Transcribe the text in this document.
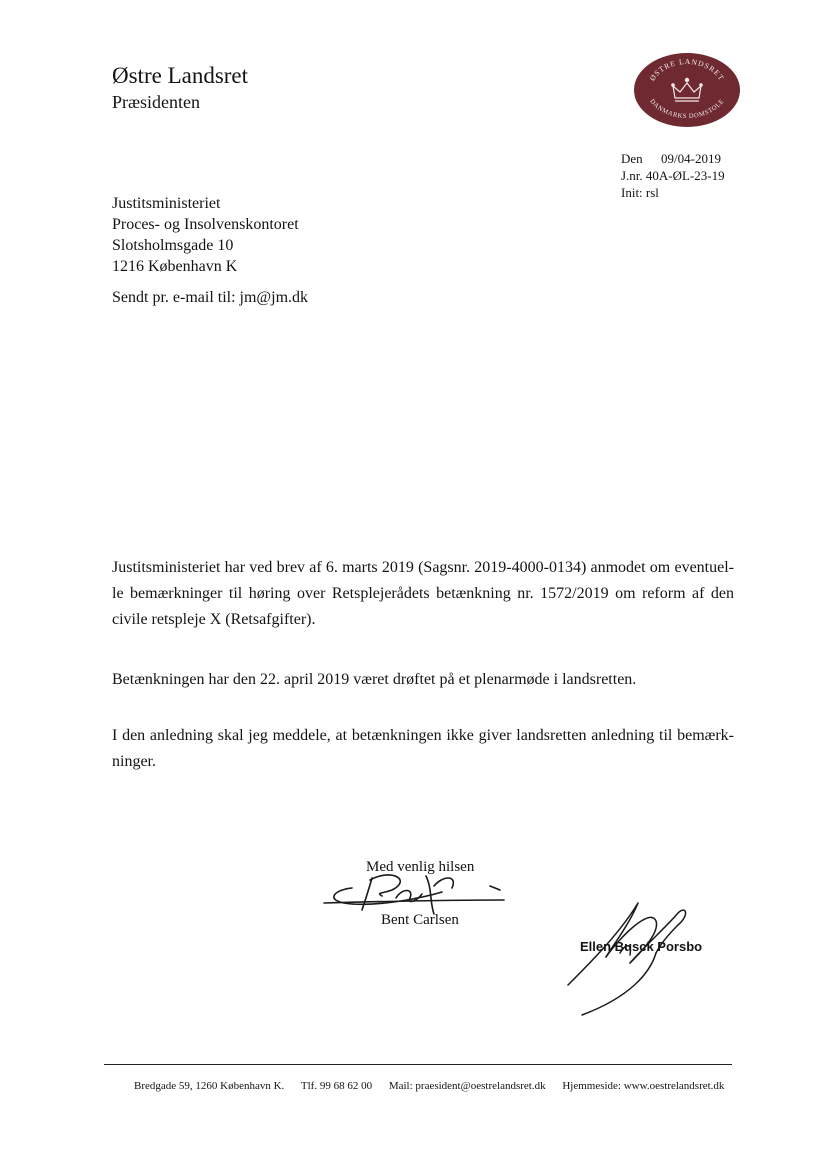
Østre Landsret
Præsidenten
ØSTRE LANDSRET
DANMARKS DOMSTOLE
Den 09/04-2019
J.nr. 40A-ØL-23-19
Init: rsl
Justitsministeriet
Proces- og Insolvenskontoret
Slotsholmsgade 10
1216 København K
Sendt pr. e-mail til: jm@jm.dk
Justitsministeriet har ved brev af 6. marts 2019 (Sagsnr. 2019-4000-0134) anmodet om eventuel-le bemærkninger til høring over Retsplejerådets betænkning nr. 1572/2019 om reform af den civile retspleje X (Retsafgifter).
Betænkningen har den 22. april 2019 været drøftet på et plenarmøde i landsretten.
I den anledning skal jeg meddele, at betænkningen ikke giver landsretten anledning til bemærk-ninger.
Med venlig hilsen
Bent Carlsen
Ellen Busck Porsbo
Bredgade 59, 1260 København K. Tlf. 99 68 62 00 Mail: praesident@oestrelandsret.dk Hjemmeside: www.oestrelandsret.dk
